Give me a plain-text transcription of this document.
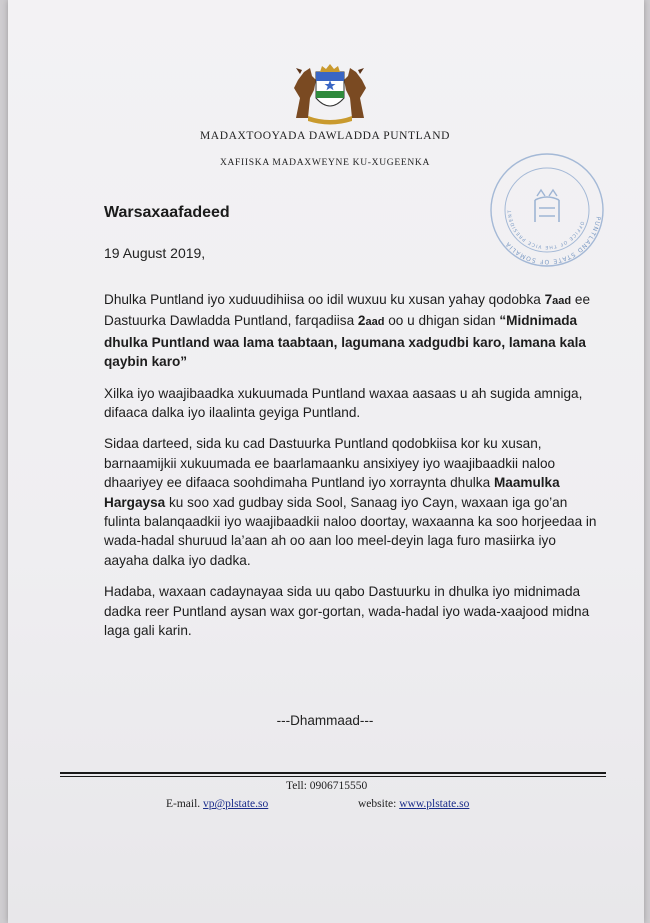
MADAXTOOYADA DAWLADDA PUNTLAND
XAFIISKA MADAXWEYNE KU-XUGEENKA
PUNTLAND STATE OF SOMALIA
OFFICE OF THE VICE PRESIDENT
Warsaxaafadeed
19 August 2019,

Dhulka Puntland iyo xuduudihiisa oo idil wuxuu ku xusan yahay qodobka 7aad ee Dastuurka Dawladda Puntland, farqadiisa 2aad oo u dhigan sidan “Midnimada dhulka Puntland waa lama taabtaan, lagumana xadgudbi karo, lamana kala qaybin karo”

Xilka iyo waajibaadka xukuumada Puntland waxaa aasaas u ah sugida amniga, difaaca dalka iyo ilaalinta geyiga Puntland.

Sidaa darteed, sida ku cad Dastuurka Puntland qodobkiisa kor ku xusan, barnaamijkii xukuumada ee baarlamaanku ansixiyey iyo waajibaadkii naloo dhaariyey ee difaaca soohdimaha Puntland iyo xorraynta dhulka Maamulka Hargaysa ku soo xad gudbay sida Sool, Sanaag iyo Cayn, waxaan iga go’an fulinta balanqaadkii iyo waajibaadkii naloo doortay, waxaanna ka soo horjeedaa in wada-hadal shuruud la’aan ah oo aan loo meel-deyin laga furo masiirka iyo aayaha dalka iyo dadka.

Hadaba, waxaan cadaynayaa sida uu qabo Dastuurku in dhulka iyo midnimada dadka reer Puntland aysan wax gor-gortan, wada-hadal iyo wada-xaajood midna laga gali karin.

---Dhammaad---
Tell: 0906715550
E-mail. vp@plstate.so	website: www.plstate.so
